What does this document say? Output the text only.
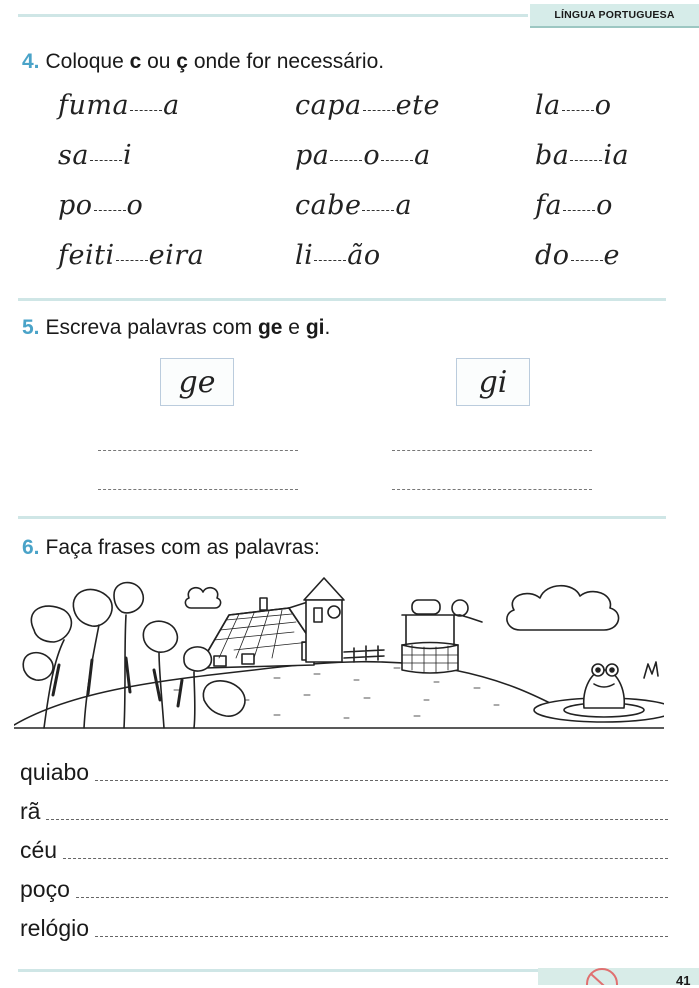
LÍNGUA PORTUGUESA
4. Coloque c ou ç onde for necessário.
fuma a	capa ete	la o
sa i	pa o a	ba ia
po o	cabe a	fa o
feiti eira	li ão	do e
5. Escreva palavras com ge e gi.
ge	gi
6. Faça frases com as palavras:
quiabo
rã
céu
poço
relógio
41
